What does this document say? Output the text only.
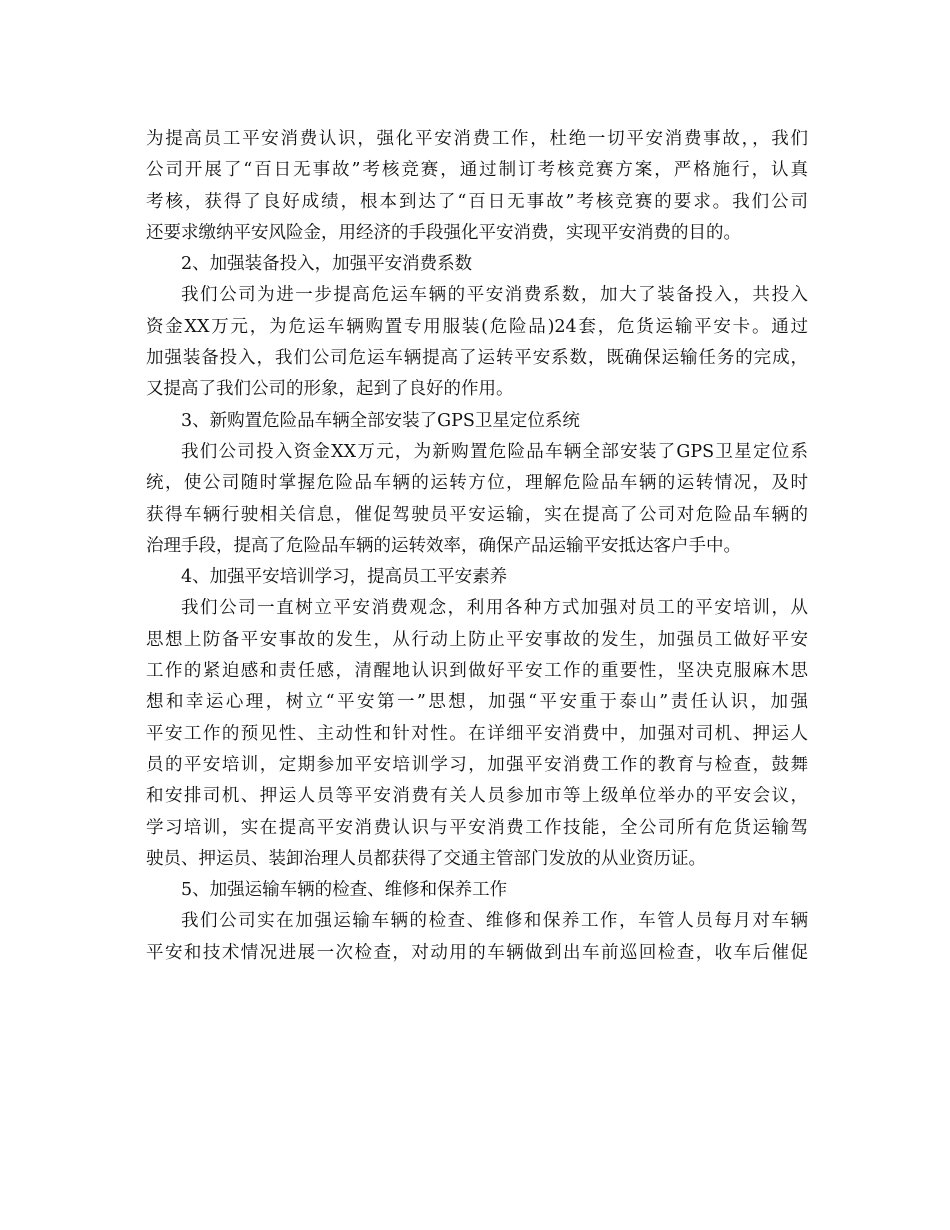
为提高员工平安消费认识，强化平安消费工作，杜绝一切平安消费事故，，我们
公司开展了“百日无事故”考核竞赛，通过制订考核竞赛方案，严格施行，认真
考核，获得了良好成绩，根本到达了“百日无事故”考核竞赛的要求。我们公司
还要求缴纳平安风险金，用经济的手段强化平安消费，实现平安消费的目的。
2、加强装备投入，加强平安消费系数
我们公司为进一步提高危运车辆的平安消费系数，加大了装备投入，共投入
资金XX万元，为危运车辆购置专用服装(危险品)24套，危货运输平安卡。通过
加强装备投入，我们公司危运车辆提高了运转平安系数，既确保运输任务的完成，
又提高了我们公司的形象，起到了良好的作用。
3、新购置危险品车辆全部安装了GPS卫星定位系统
我们公司投入资金XX万元，为新购置危险品车辆全部安装了GPS卫星定位系
统，使公司随时掌握危险品车辆的运转方位，理解危险品车辆的运转情况，及时
获得车辆行驶相关信息，催促驾驶员平安运输，实在提高了公司对危险品车辆的
治理手段，提高了危险品车辆的运转效率，确保产品运输平安抵达客户手中。
4、加强平安培训学习，提高员工平安素养
我们公司一直树立平安消费观念，利用各种方式加强对员工的平安培训，从
思想上防备平安事故的发生，从行动上防止平安事故的发生，加强员工做好平安
工作的紧迫感和责任感，清醒地认识到做好平安工作的重要性，坚决克服麻木思
想和幸运心理，树立“平安第一”思想，加强“平安重于泰山”责任认识，加强
平安工作的预见性、主动性和针对性。在详细平安消费中，加强对司机、押运人
员的平安培训，定期参加平安培训学习，加强平安消费工作的教育与检查，鼓舞
和安排司机、押运人员等平安消费有关人员参加市等上级单位举办的平安会议，
学习培训，实在提高平安消费认识与平安消费工作技能，全公司所有危货运输驾
驶员、押运员、装卸治理人员都获得了交通主管部门发放的从业资历证。
5、加强运输车辆的检查、维修和保养工作
我们公司实在加强运输车辆的检查、维修和保养工作，车管人员每月对车辆
平安和技术情况进展一次检查，对动用的车辆做到出车前巡回检查，收车后催促
